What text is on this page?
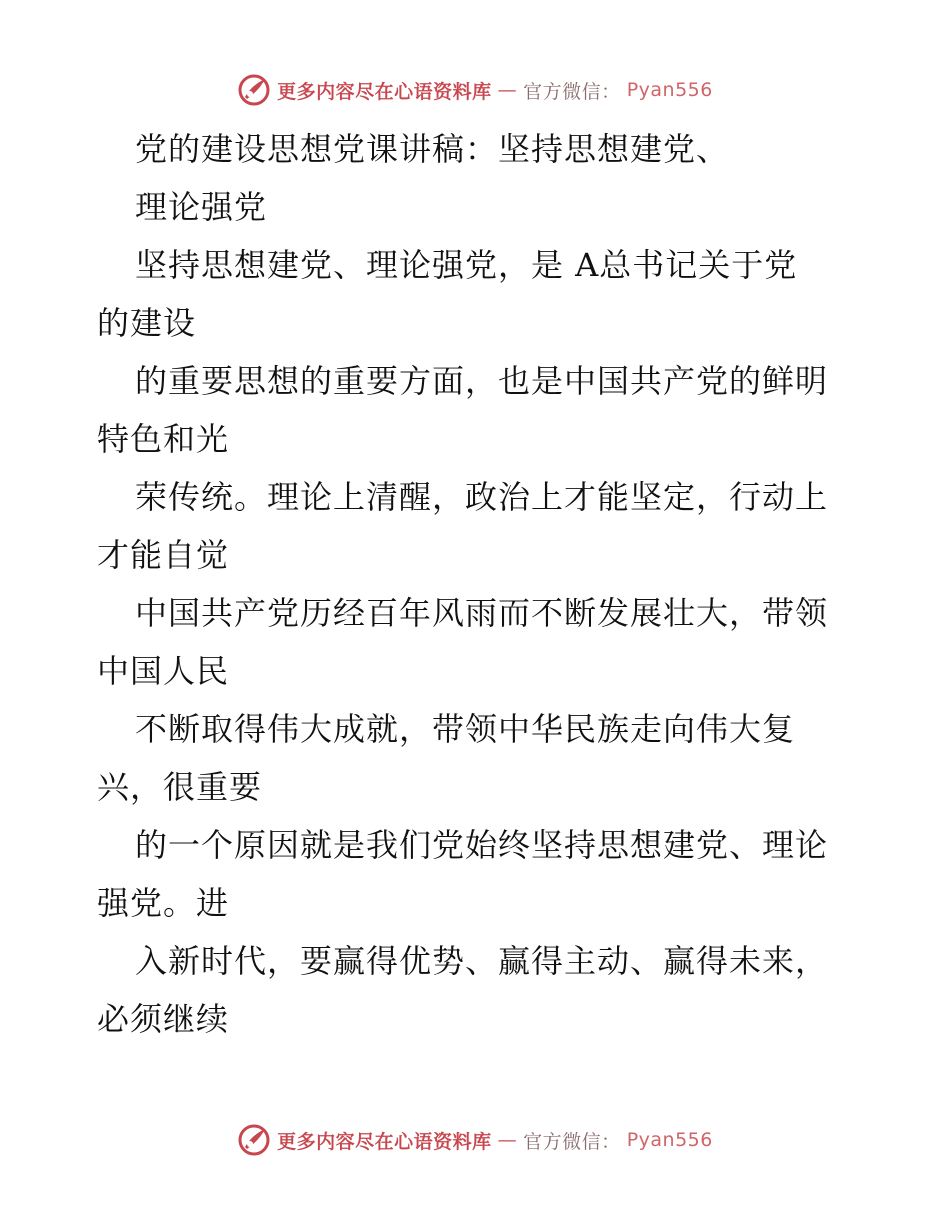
更多内容尽在心语资料库 — 官方微信： Pyan556
党的建设思想党课讲稿：坚持思想建党、
理论强党
坚持思想建党、理论强党，是 A总书记关于党
的建设
的重要思想的重要方面，也是中国共产党的鲜明
特色和光
荣传统。理论上清醒，政治上才能坚定，行动上
才能自觉
中国共产党历经百年风雨而不断发展壮大，带领
中国人民
不断取得伟大成就，带领中华民族走向伟大复
兴，很重要
的一个原因就是我们党始终坚持思想建党、理论
强党。进
入新时代，要赢得优势、赢得主动、赢得未来，
必须继续
更多内容尽在心语资料库 — 官方微信： Pyan556
